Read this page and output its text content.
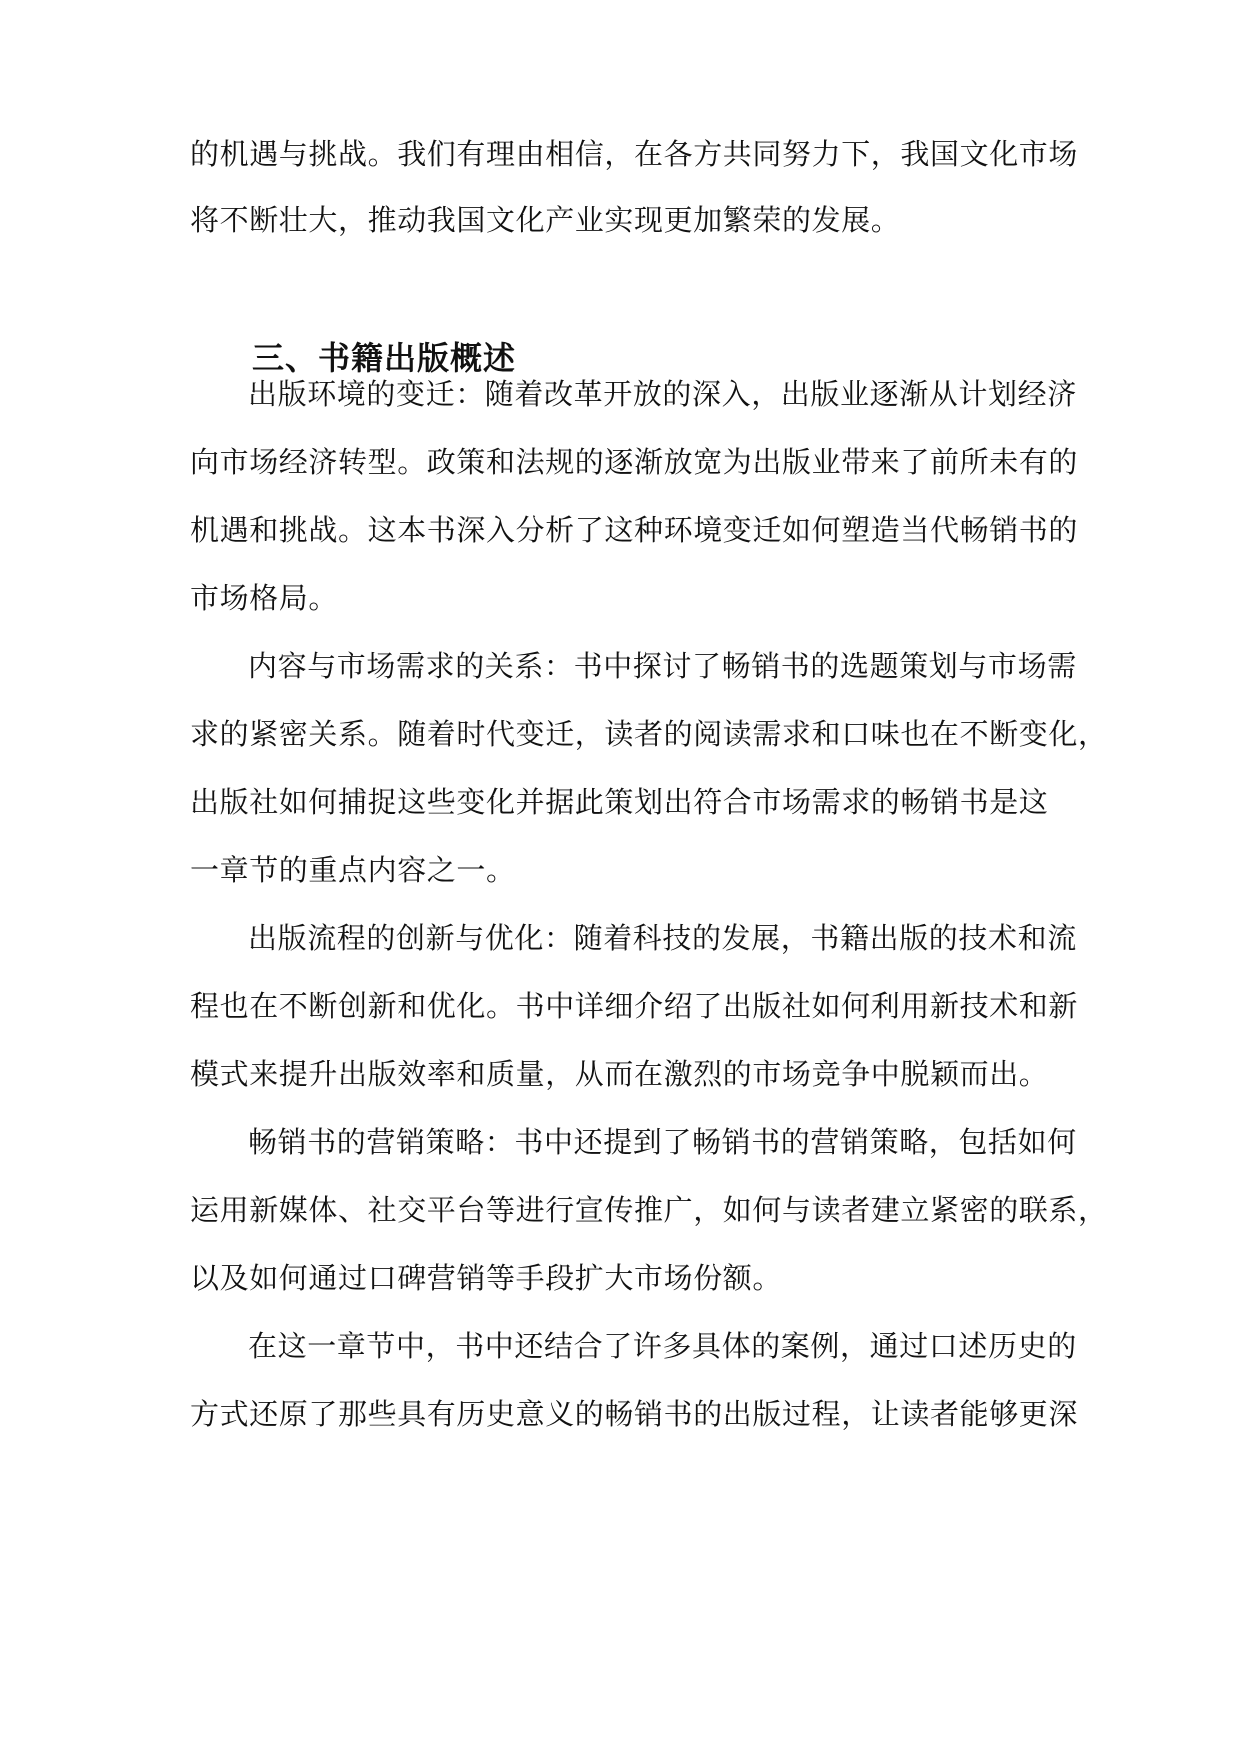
的机遇与挑战。我们有理由相信，在各方共同努力下，我国文化市场
将不断壮大，推动我国文化产业实现更加繁荣的发展。
三、书籍出版概述
出版环境的变迁：随着改革开放的深入，出版业逐渐从计划经济
向市场经济转型。政策和法规的逐渐放宽为出版业带来了前所未有的
机遇和挑战。这本书深入分析了这种环境变迁如何塑造当代畅销书的
市场格局。
内容与市场需求的关系：书中探讨了畅销书的选题策划与市场需
求的紧密关系。随着时代变迁，读者的阅读需求和口味也在不断变化，
出版社如何捕捉这些变化并据此策划出符合市场需求的畅销书是这
一章节的重点内容之一。
出版流程的创新与优化：随着科技的发展，书籍出版的技术和流
程也在不断创新和优化。书中详细介绍了出版社如何利用新技术和新
模式来提升出版效率和质量，从而在激烈的市场竞争中脱颖而出。
畅销书的营销策略：书中还提到了畅销书的营销策略，包括如何
运用新媒体、社交平台等进行宣传推广，如何与读者建立紧密的联系，
以及如何通过口碑营销等手段扩大市场份额。
在这一章节中，书中还结合了许多具体的案例，通过口述历史的
方式还原了那些具有历史意义的畅销书的出版过程，让读者能够更深
